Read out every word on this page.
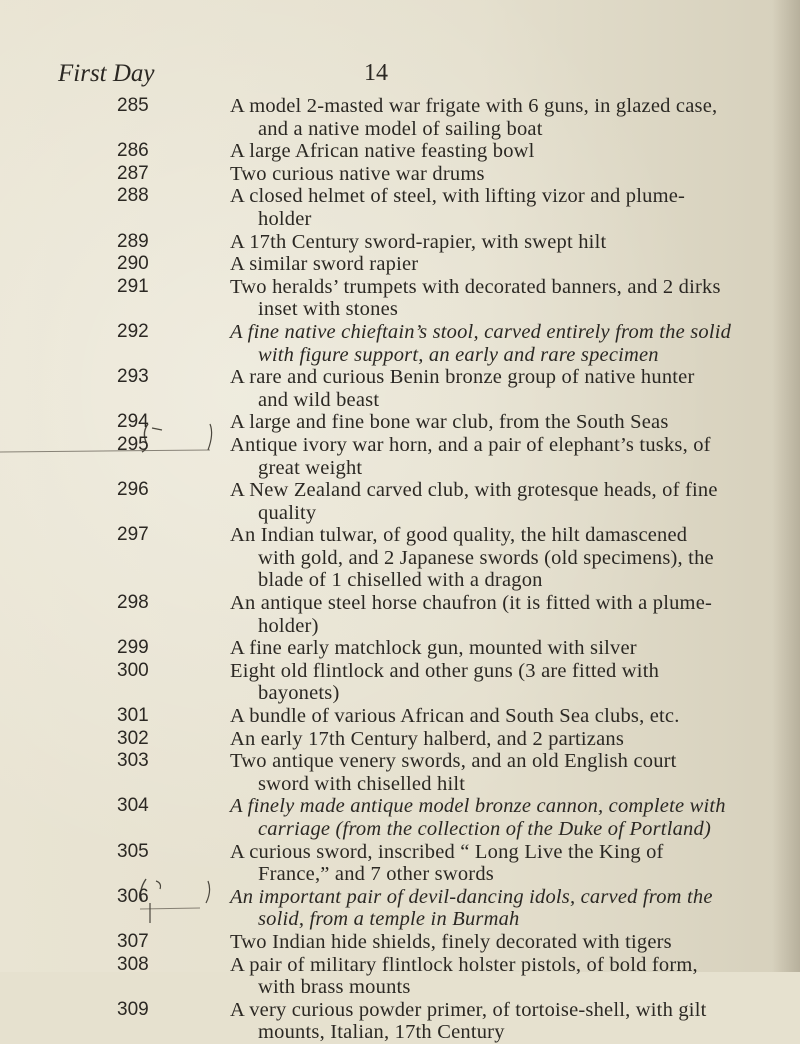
First Day	14
285	A model 2-masted war frigate with 6 guns, in glazed case,

and a native model of sailing boat
286	A large African native feasting bowl
287	Two curious native war drums
288	A closed helmet of steel, with lifting vizor and plume-

holder
289	A 17th Century sword-rapier, with swept hilt
290	A similar sword rapier
291	Two heralds’ trumpets with decorated banners, and 2 dirks

inset with stones
292	A fine native chieftain’s stool, carved entirely from the solid

with figure support, an early and rare specimen
293	A rare and curious Benin bronze group of native hunter

and wild beast
294	A large and fine bone war club, from the South Seas
295	Antique ivory war horn, and a pair of elephant’s tusks, of

great weight
296	A New Zealand carved club, with grotesque heads, of fine

quality
297	An Indian tulwar, of good quality, the hilt damascened

with gold, and 2 Japanese swords (old specimens), the
blade of 1 chiselled with a dragon
298	An antique steel horse chaufron (it is fitted with a plume-

holder)
299	A fine early matchlock gun, mounted with silver
300	Eight old flintlock and other guns (3 are fitted with

bayonets)
301	A bundle of various African and South Sea clubs, etc.
302	An early 17th Century halberd, and 2 partizans
303	Two antique venery swords, and an old English court

sword with chiselled hilt
304	A finely made antique model bronze cannon, complete with

carriage (from the collection of the Duke of Portland)
305	A curious sword, inscribed “ Long Live the King of

France,” and 7 other swords
306	An important pair of devil-dancing idols, carved from the

solid, from a temple in Burmah
307	Two Indian hide shields, finely decorated with tigers
308	A pair of military flintlock holster pistols, of bold form,

with brass mounts
309	A very curious powder primer, of tortoise-shell, with gilt

mounts, Italian, 17th Century
